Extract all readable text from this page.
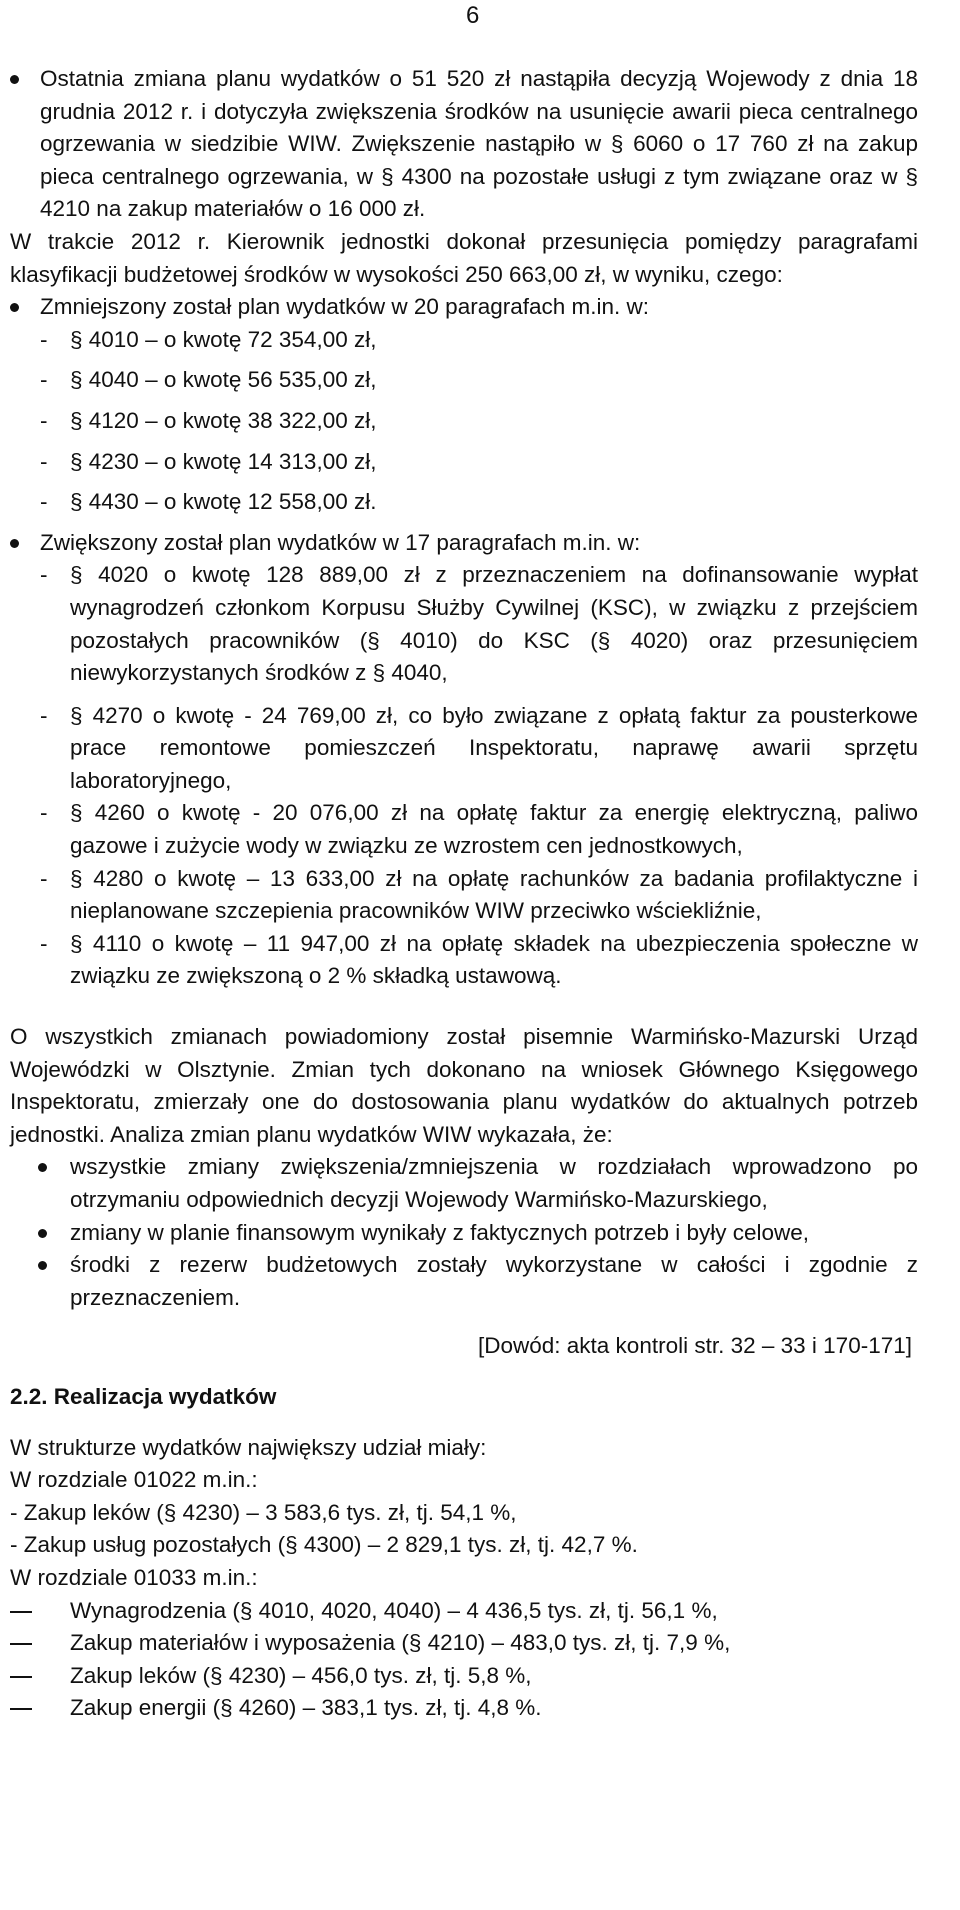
6

Ostatnia zmiana planu wydatków o 51 520 zł nastąpiła decyzją Wojewody z dnia 18 grudnia 2012 r. i dotyczyła zwiększenia środków na usunięcie awarii pieca centralnego ogrzewania w siedzibie WIW. Zwiększenie nastąpiło w § 6060 o 17 760 zł na zakup pieca centralnego ogrzewania, w § 4300 na pozostałe usługi z tym związane oraz w § 4210 na zakup materiałów o 16 000 zł.

W trakcie 2012 r. Kierownik jednostki dokonał przesunięcia pomiędzy paragrafami klasyfikacji budżetowej środków w wysokości 250 663,00 zł, w wyniku, czego:

Zmniejszony został plan wydatków w 20 paragrafach m.in. w:

- § 4010 – o kwotę 72 354,00 zł,

- § 4040 – o kwotę 56 535,00 zł,

- § 4120 – o kwotę 38 322,00 zł,

- § 4230 – o kwotę 14 313,00 zł,

- § 4430 – o kwotę 12 558,00 zł.

Zwiększony został plan wydatków w 17 paragrafach m.in. w:

- § 4020 o kwotę 128 889,00 zł z przeznaczeniem na dofinansowanie wypłat wynagrodzeń członkom Korpusu Służby Cywilnej (KSC), w związku z przejściem pozostałych pracowników (§ 4010) do KSC (§ 4020) oraz przesunięciem niewykorzystanych środków z § 4040,

- § 4270 o kwotę - 24 769,00 zł, co było związane z opłatą faktur za pousterkowe prace remontowe pomieszczeń Inspektoratu, naprawę awarii sprzętu laboratoryjnego,

- § 4260 o kwotę - 20 076,00 zł na opłatę faktur za energię elektryczną, paliwo gazowe i zużycie wody w związku ze wzrostem cen jednostkowych,

- § 4280 o kwotę – 13 633,00 zł na opłatę rachunków za badania profilaktyczne i nieplanowane szczepienia pracowników WIW przeciwko wściekliźnie,

- § 4110 o kwotę – 11 947,00 zł na opłatę składek na ubezpieczenia społeczne w związku ze zwiększoną o 2 % składką ustawową.

O wszystkich zmianach powiadomiony został pisemnie Warmińsko-Mazurski Urząd Wojewódzki w Olsztynie. Zmian tych dokonano na wniosek Głównego Księgowego Inspektoratu, zmierzały one do dostosowania planu wydatków do aktualnych potrzeb jednostki. Analiza zmian planu wydatków WIW wykazała, że:

wszystkie zmiany zwiększenia/zmniejszenia w rozdziałach wprowadzono po otrzymaniu odpowiednich decyzji Wojewody Warmińsko-Mazurskiego,

zmiany w planie finansowym wynikały z faktycznych potrzeb i były celowe,

środki z rezerw budżetowych zostały wykorzystane w całości i zgodnie z przeznaczeniem.

[Dowód: akta kontroli str. 32 – 33 i 170-171]

2.2. Realizacja wydatków

W strukturze wydatków największy udział miały:

W rozdziale 01022 m.in.:

- Zakup leków (§ 4230) – 3 583,6 tys. zł, tj. 54,1 %,

- Zakup usług pozostałych (§ 4300) – 2 829,1 tys. zł, tj. 42,7 %.

W rozdziale 01033 m.in.:

Wynagrodzenia (§ 4010, 4020, 4040) – 4 436,5 tys. zł, tj. 56,1 %,

Zakup materiałów i wyposażenia (§ 4210) – 483,0 tys. zł, tj. 7,9 %,

Zakup leków (§ 4230) – 456,0 tys. zł, tj. 5,8 %,

Zakup energii (§ 4260) – 383,1 tys. zł, tj. 4,8 %.
